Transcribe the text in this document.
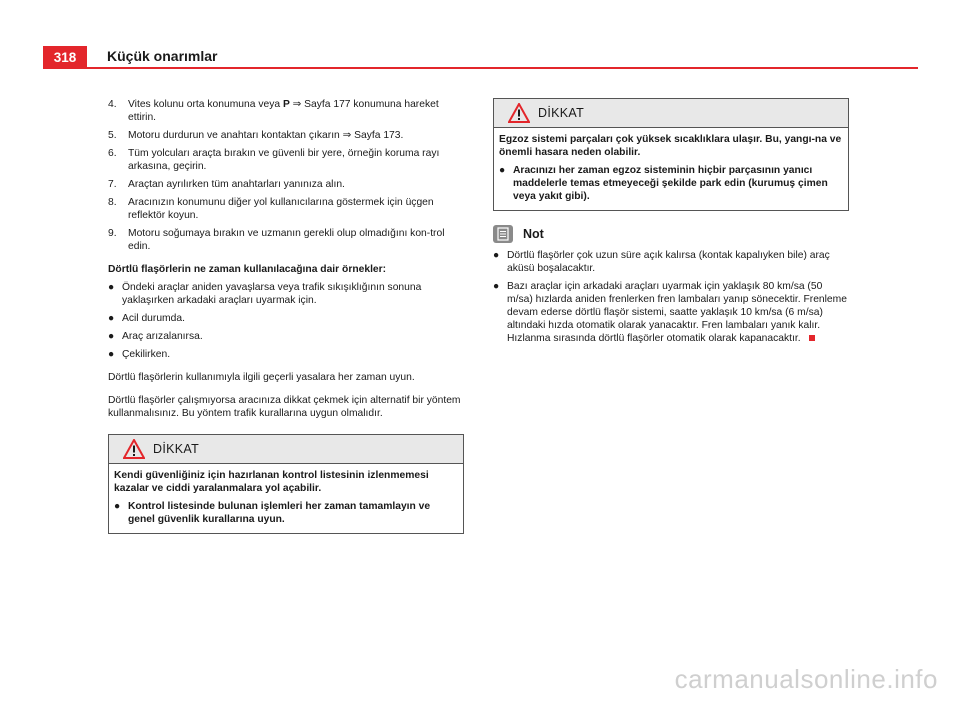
318	Küçük onarımlar
4.	Vites kolunu orta konumuna veya P ⇒ Sayfa 177 konumuna hareket ettirin.
5.	Motoru durdurun ve anahtarı kontaktan çıkarın ⇒ Sayfa 173.
6.	Tüm yolcuları araçta bırakın ve güvenli bir yere, örneğin koruma rayı arkasına, geçirin.
7.	Araçtan ayrılırken tüm anahtarları yanınıza alın.
8.	Aracınızın konumunu diğer yol kullanıcılarına göstermek için üçgen reflektör koyun.
9.	Motoru soğumaya bırakın ve uzmanın gerekli olup olmadığını kon-trol edin.

Dörtlü flaşörlerin ne zaman kullanılacağına dair örnekler:

● Öndeki araçlar aniden yavaşlarsa veya trafik sıkışıklığının sonuna yaklaşırken arkadaki araçları uyarmak için.
● Acil durumda.
● Araç arızalanırsa.
● Çekilirken.

Dörtlü flaşörlerin kullanımıyla ilgili geçerli yasalara her zaman uyun.

Dörtlü flaşörler çalışmıyorsa aracınıza dikkat çekmek için alternatif bir yöntem kullanmalısınız. Bu yöntem trafik kurallarına uygun olmalıdır.

DİKKAT

Kendi güvenliğiniz için hazırlanan kontrol listesinin izlenmemesi kazalar ve ciddi yaralanmalara yol açabilir.

● Kontrol listesinde bulunan işlemleri her zaman tamamlayın ve genel güvenlik kurallarına uyun.
DİKKAT

Egzoz sistemi parçaları çok yüksek sıcaklıklara ulaşır. Bu, yangı-na ve önemli hasara neden olabilir.

● Aracınızı her zaman egzoz sisteminin hiçbir parçasının yanıcı maddelerle temas etmeyeceği şekilde park edin (kurumuş çimen veya yakıt gibi).
Not
● Dörtlü flaşörler çok uzun süre açık kalırsa (kontak kapalıyken bile) araç aküsü boşalacaktır.
● Bazı araçlar için arkadaki araçları uyarmak için yaklaşık 80 km/sa (50 m/sa) hızlarda aniden frenlerken fren lambaları yanıp sönecektir. Frenleme devam ederse dörtlü flaşör sistemi, saatte yaklaşık 10 km/sa (6 m/sa) altındaki hızda otomatik olarak yanacaktır. Fren lambaları yanık kalır. Hızlanma sırasında dörtlü flaşörler otomatik olarak kapanacaktır.
carmanualsonline.info
